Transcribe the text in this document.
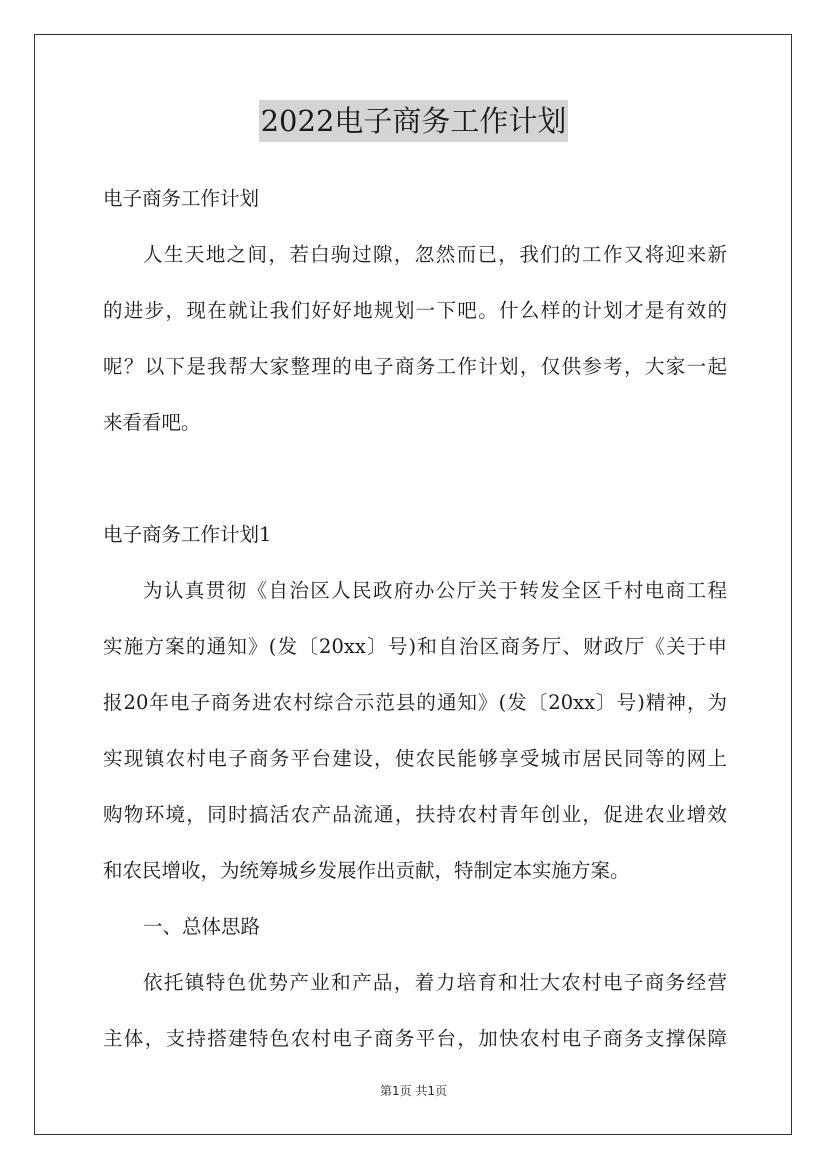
2022电子商务工作计划
电子商务工作计划
人生天地之间，若白驹过隙，忽然而已，我们的工作又将迎来新
的进步，现在就让我们好好地规划一下吧。什么样的计划才是有效的
呢？以下是我帮大家整理的电子商务工作计划，仅供参考，大家一起
来看看吧。
电子商务工作计划1
为认真贯彻《自治区人民政府办公厅关于转发全区千村电商工程
实施方案的通知》(发〔20xx〕号)和自治区商务厅、财政厅《关于申
报20年电子商务进农村综合示范县的通知》(发〔20xx〕号)精神，为
实现镇农村电子商务平台建设，使农民能够享受城市居民同等的网上
购物环境，同时搞活农产品流通，扶持农村青年创业，促进农业增效
和农民增收，为统筹城乡发展作出贡献，特制定本实施方案。
一、总体思路
依托镇特色优势产业和产品，着力培育和壮大农村电子商务经营
主体，支持搭建特色农村电子商务平台，加快农村电子商务支撑保障
第1页 共1页
